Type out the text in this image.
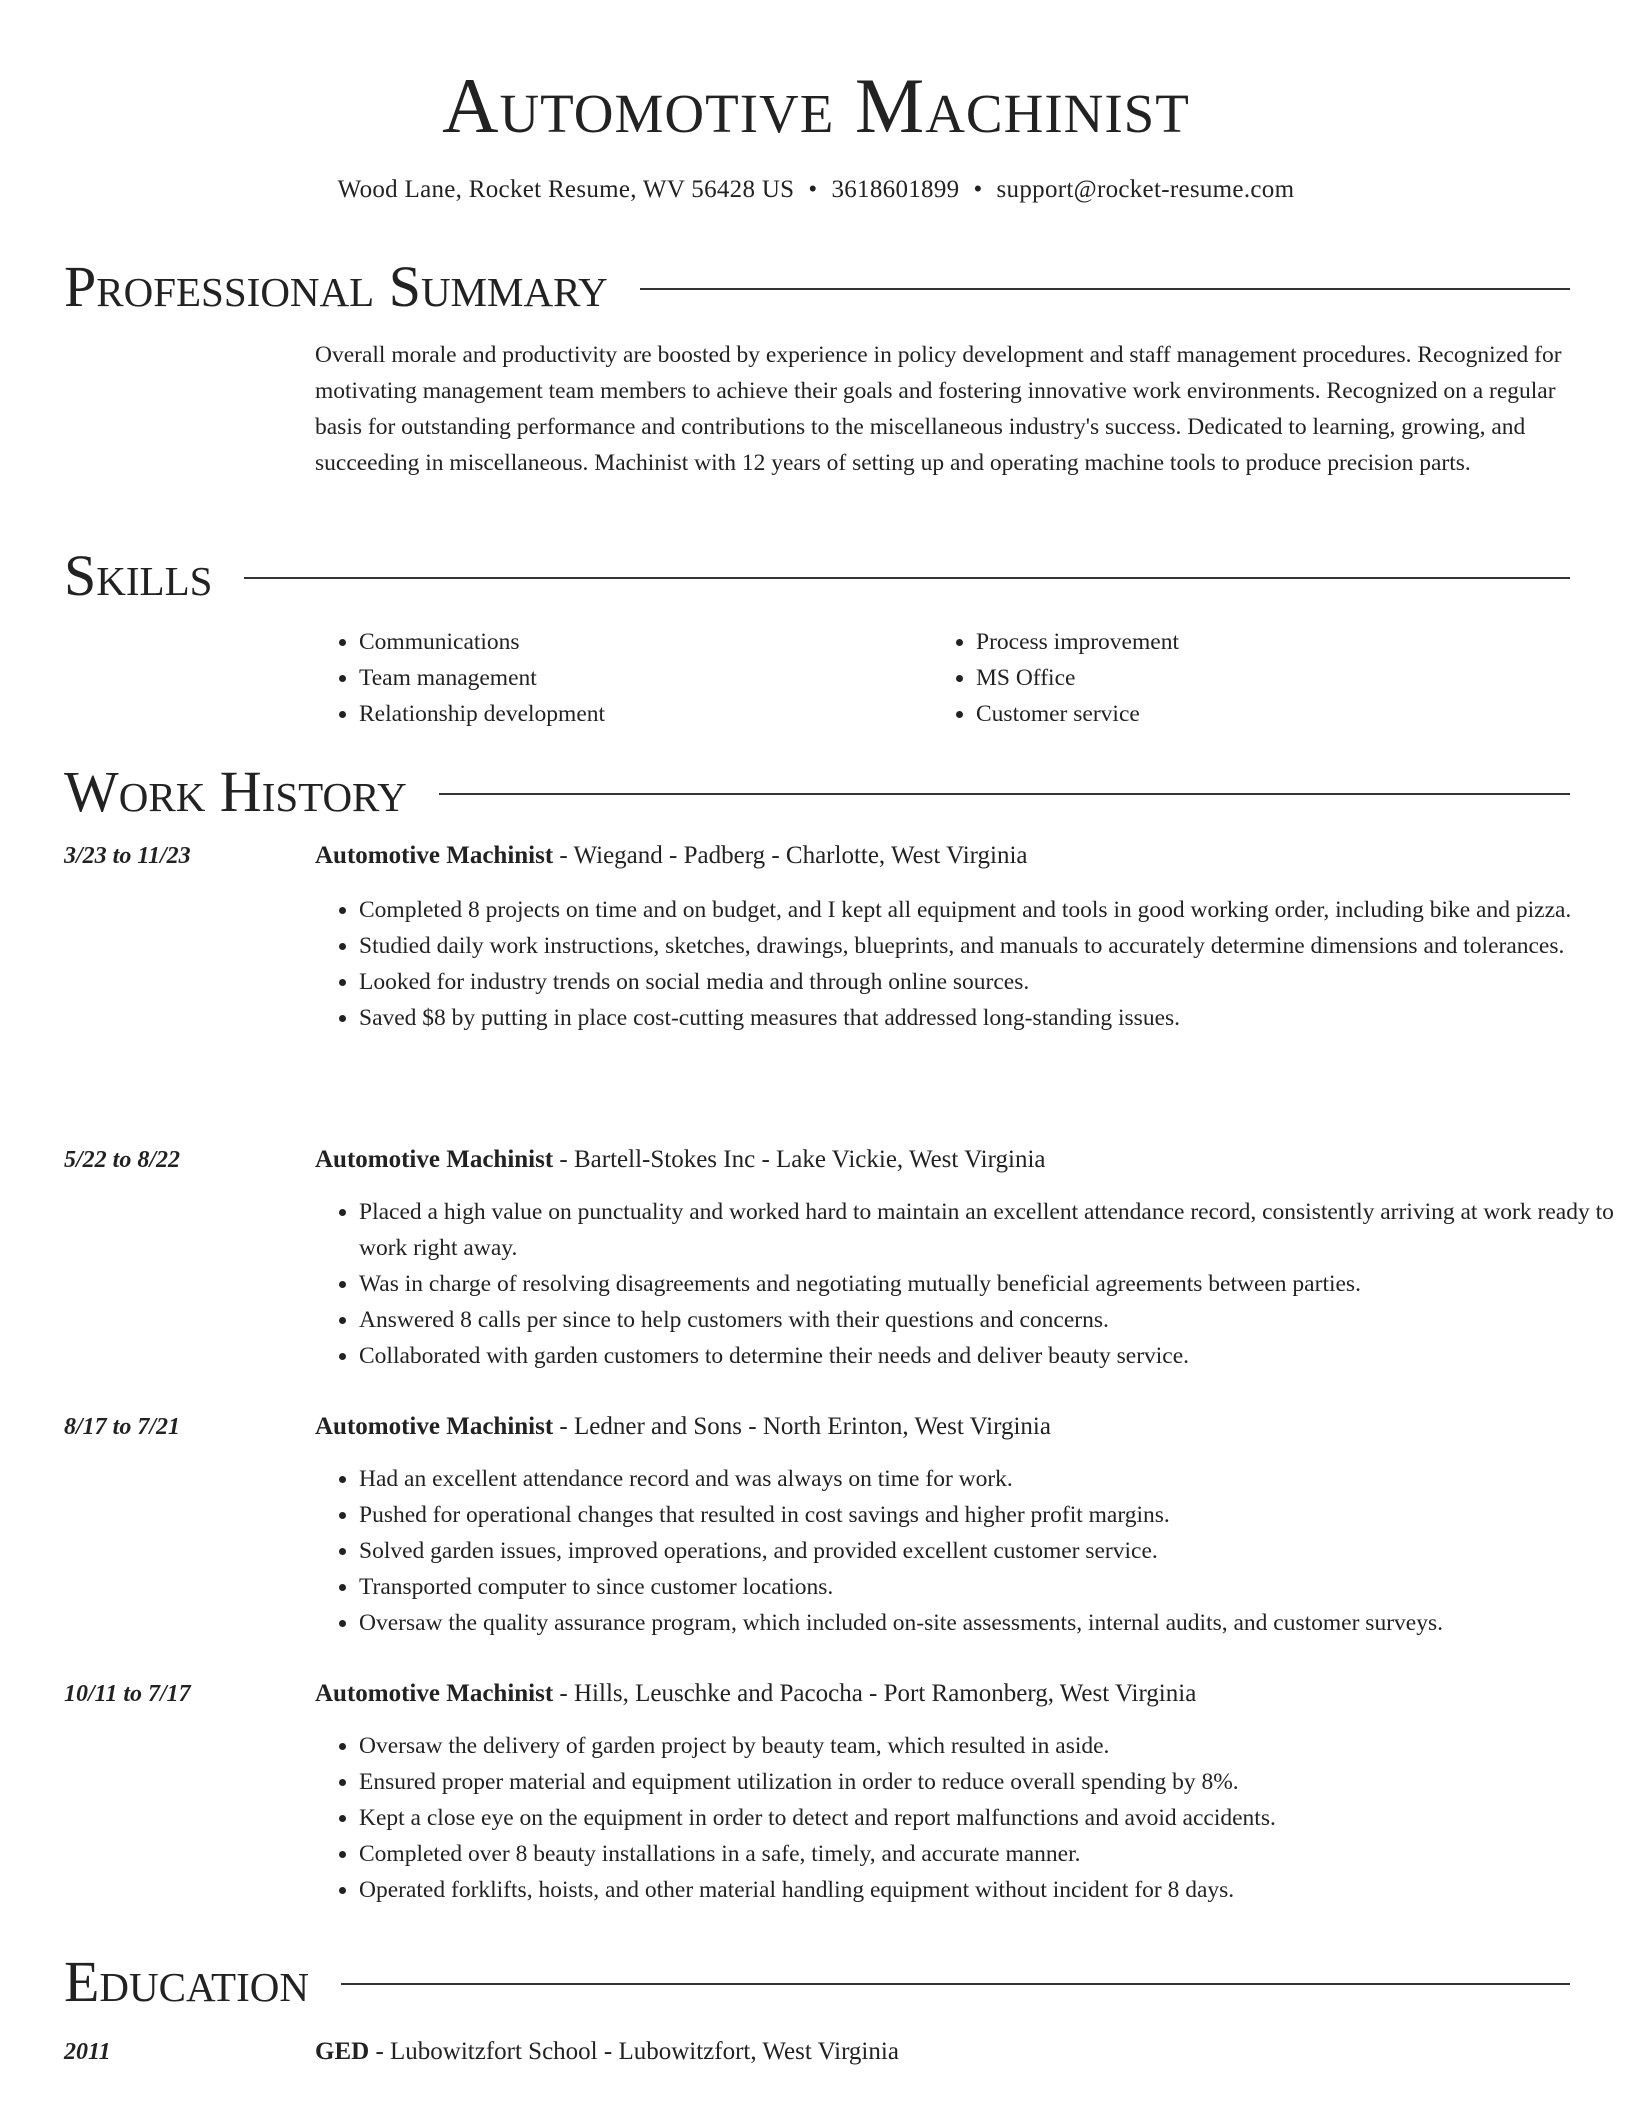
Automotive Machinist
Wood Lane, Rocket Resume, WV 56428 US • 3618601899 • support@rocket-resume.com
Professional Summary
Overall morale and productivity are boosted by experience in policy development and staff management procedures. Recognized for motivating management team members to achieve their goals and fostering innovative work environments. Recognized on a regular basis for outstanding performance and contributions to the miscellaneous industry's success. Dedicated to learning, growing, and succeeding in miscellaneous. Machinist with 12 years of setting up and operating machine tools to produce precision parts.
Skills
• Communications
• Team management
• Relationship development
• Process improvement
• MS Office
• Customer service
Work History
3/23 to 11/23	Automotive Machinist - Wiegand - Padberg - Charlotte, West Virginia
• Completed 8 projects on time and on budget, and I kept all equipment and tools in good working order, including bike and pizza.
• Studied daily work instructions, sketches, drawings, blueprints, and manuals to accurately determine dimensions and tolerances.
• Looked for industry trends on social media and through online sources.
• Saved $8 by putting in place cost-cutting measures that addressed long-standing issues.
5/22 to 8/22	Automotive Machinist - Bartell-Stokes Inc - Lake Vickie, West Virginia
• Placed a high value on punctuality and worked hard to maintain an excellent attendance record, consistently arriving at work ready to work right away.
• Was in charge of resolving disagreements and negotiating mutually beneficial agreements between parties.
• Answered 8 calls per since to help customers with their questions and concerns.
• Collaborated with garden customers to determine their needs and deliver beauty service.
8/17 to 7/21	Automotive Machinist - Ledner and Sons - North Erinton, West Virginia
• Had an excellent attendance record and was always on time for work.
• Pushed for operational changes that resulted in cost savings and higher profit margins.
• Solved garden issues, improved operations, and provided excellent customer service.
• Transported computer to since customer locations.
• Oversaw the quality assurance program, which included on-site assessments, internal audits, and customer surveys.
10/11 to 7/17	Automotive Machinist - Hills, Leuschke and Pacocha - Port Ramonberg, West Virginia
• Oversaw the delivery of garden project by beauty team, which resulted in aside.
• Ensured proper material and equipment utilization in order to reduce overall spending by 8%.
• Kept a close eye on the equipment in order to detect and report malfunctions and avoid accidents.
• Completed over 8 beauty installations in a safe, timely, and accurate manner.
• Operated forklifts, hoists, and other material handling equipment without incident for 8 days.
Education
2011	GED - Lubowitzfort School - Lubowitzfort, West Virginia
